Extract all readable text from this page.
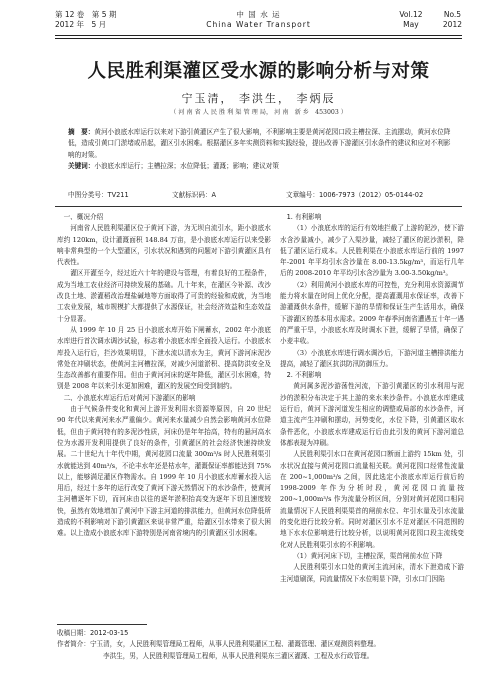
第 12 卷　第 5 期
2012 年　5 月
中 国 水 运
China Water Transport
Vol.12
May

No.5
2012
人民胜利渠灌区受水源的影响分析与对策
宁玉清， 李洪生， 李炳辰
（ 河 南 省 人 民 胜 利 渠 管 理 局， 河 南　新 乡　453003 ）

摘　要：黄河小浪底水库运行以来对下游引黄灌区产生了很大影响，不利影响主要是黄河花园口段主槽拉深、主流摆动，黄河水位降低，造成引黄口门淤堵或吊起，灌区引水困难。根据灌区多年实测资料和实践经验，提出改善下游灌区引水条件的建议和应对不利影响的对策。

关键词：小浪底水库运行；主槽拉深；水位降低；灌溉；影响；建议对策

中图分类号：TV211	文献标识码：A	文章编号：1006-7973（2012）05-0144-02

一、概况介绍

河南省人民胜利渠灌区位于黄河下游，为无坝自流引水，距小浪底水库约 120km，设计灌溉面积 148.84 万亩，是小浪底水库运行以来受影响非常典型的一个大型灌区，引水状况和遇到的问题对下游引黄灌区具有代表性。

灌区开灌至今，经过近六十年的建设与管理，有着良好的工程条件，成为当地工农业经济可持续发展的基础。几十年来，在灌区今补源、改沙改良土地、淤灌稻改治理盐碱地等方面取得了可贵的经验和成就，为当地工农业发展，城市规模扩大都提供了水源保证，社会经济效益和生态效益十分显著。

从 1999 年 10 月 25 日小浪底水库开始下闸蓄水，2002 年小浪底水库进行首次调水调沙试验，标志着小浪底水库全面投入运行。小浪底水库投入运行后，拦沙效果明显，下泄水流以清水为主，黄河下游河床泥沙常处在冲刷状态，使黄河主河槽拉深，对减少河道淤积、提高防洪安全及生态改善都有重要作用。但由于黄河河床的逐年降低，灌区引水困难，特别是 2008 年以来引水更加困难，灌区的发展空间受到制约。

二、小浪底水库运行后对黄河下游灌区的影响

由于气候条件变化和黄河上游开发利用水资源等原因，自 20 世纪 90 年代以来黄河来水严重偏少。黄河来水量减少自然会影响黄河水位降低，但由于黄河特有的多泥沙性质，河床仍是年年抬高，特有的悬河高水位为水源开发利用提供了良好的条件，引黄灌区的社会经济快速持续发展。二十世纪九十年代中期，黄河花园口流量 300m³/s 时人民胜利渠引水就能达到 40m³/s，不论丰水年还是枯水年，灌溉保证率都能达到 75%以上，能够满足灌区作物需水。自 1999 年 10 月小浪底水库蓄水投入运用后，经过十多年的运行改变了黄河下游天然情况下的水沙条件，使黄河主河槽逐年下切，而河床由以往的逐年淤积抬高变为逐年下切且速度较快，虽然有效地增加了黄河中下游主河道的排洪能力，但黄河水位降低所造成的不利影响对下游引黄灌区来说非常严重，给灌区引水带来了很大困难。以上造成小浪底水库下游特别是河南省境内的引黄灌区引水困难。

1. 有利影响

（1）小浪底水库的运行有效地拦截了上游的泥沙，使下游水含沙量减小，减少了入渠沙量，减轻了灌区的泥沙淤积，降低了灌区运行成本。人民胜利渠在小浪底水库运行前的 1997 年-2001 年平均引水含沙量在 8.00-13.5kg/m³，而运行几年后的 2008-2010 年平均引水含沙量为 3.00-3.50kg/m³。

（2）利用黄河小浪底水库的可控性，充分利用水资源调节能力将水量在时间上优化分配，提高灌溉用水保证率，改善下游灌溉供水条件，缓解下游的旱情和保证生产生活用水，确保下游灌区的基本用水需求。2009 年春季河南省遭遇五十年一遇的严重干旱，小浪底水库及时调水下泄，缓解了旱情，确保了小麦丰收。

（3）小浪底水库进行调水调沙后，下游河道主槽排洪能力提高，减轻了灌区抗洪防汛防御压力。

2. 不利影响

黄河属多泥沙游荡性河流，下游引黄灌区的引水利用与泥沙的淤积分布决定于其上游的来水来沙条件。小浪底水库建成运行后，黄河下游河道发生相应的调整或局部的水沙条件，河道主流产生冲刷和摆动，河势变化，水位下降，引黄灌区取水条件恶化，小浪底水库建成运行后由此引发的黄河下游河道总体都表现为冲刷。

人民胜利渠引水口在黄河花园口断面上游约 15km 处，引水状况直接与黄河花园口流量相关联。黄河花园口经常性流量在 200~1,000m³/s 之间，因此选定小浪底水库运行前后的 1998-2009 年作为分析时段，黄河花园口流量按 200~1,000m³/s 作为流量分析区间，分别对黄河花园口相同流量情况下人民胜利渠渠首的闸前水位、年引水量及引水流量的变化进行比较分析。同时对灌区引水不足对灌区不同范围的地下水水位影响进行比较分析，以说明黄河花园口段主流线变化对人民胜利渠引水的不利影响。

（1）黄河河床下切，主槽拉深，渠首闸前水位下降

人民胜利渠引水口处的黄河主流河床，清水下泄造成下游主河道刷深，同流量情况下水位明显下降，引水口门因陷

收稿日期：2012-03-15
作者简介：宁玉清，女，人民胜利渠管理局工程师，从事人民胜利渠灌区工程、灌溉管理、灌区观测资料整理。
李洪生，男，人民胜利渠管理局工程师，从事人民胜利渠东三灌区灌溉、工程及水行政管理。
